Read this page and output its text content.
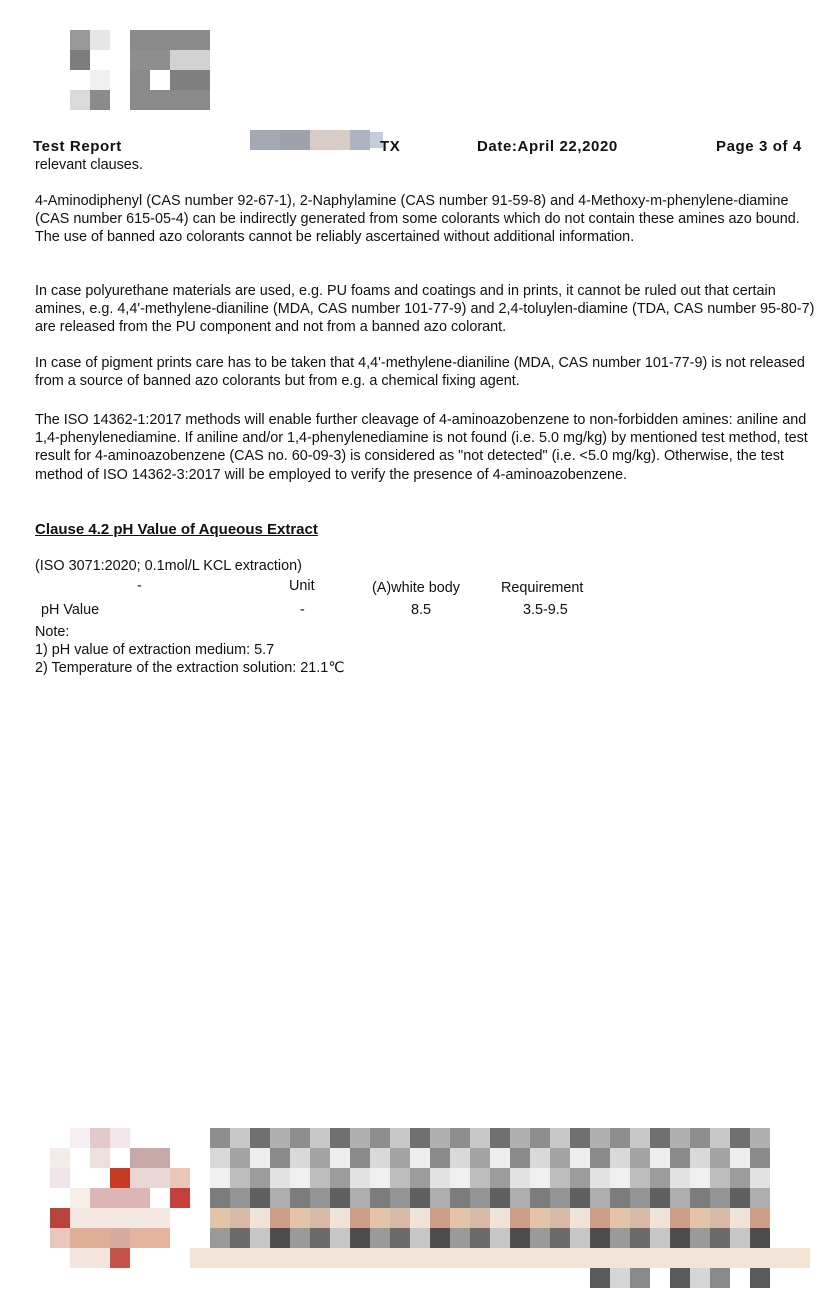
Test Report	TX	Date:April 22,2020	Page 3 of 4
relevant clauses.

4-Aminodiphenyl (CAS number 92-67-1), 2-Naphylamine (CAS number 91-59-8) and 4-Methoxy-m-phenylene-diamine (CAS number 615-05-4) can be indirectly generated from some colorants which do not contain these amines azo bound. The use of banned azo colorants cannot be reliably ascertained without additional information.

In case polyurethane materials are used, e.g. PU foams and coatings and in prints, it cannot be ruled out that certain amines, e.g. 4,4'-methylene-dianiline (MDA, CAS number 101-77-9) and 2,4-toluylen-diamine (TDA, CAS number 95-80-7) are released from the PU component and not from a banned azo colorant.

In case of pigment prints care has to be taken that 4,4'-methylene-dianiline (MDA, CAS number 101-77-9) is not released from a source of banned azo colorants but from e.g. a chemical fixing agent.

The ISO 14362-1:2017 methods will enable further cleavage of 4-aminoazobenzene to non-forbidden amines: aniline and 1,4-phenylenediamine. If aniline and/or 1,4-phenylenediamine is not found (i.e. 5.0 mg/kg) by mentioned test method, test result for 4-aminoazobenzene (CAS no. 60-09-3) is considered as "not detected" (i.e. <5.0 mg/kg). Otherwise, the test method of ISO 14362-3:2017 will be employed to verify the presence of 4-aminoazobenzene.

Clause 4.2 pH Value of Aqueous Extract
(ISO 3071:2020; 0.1mol/L KCL extraction)
-	Unit	(A)white body	Requirement
pH Value	-	8.5	3.5-9.5
Note:
1) pH value of extraction medium: 5.7
2) Temperature of the extraction solution: 21.1℃
